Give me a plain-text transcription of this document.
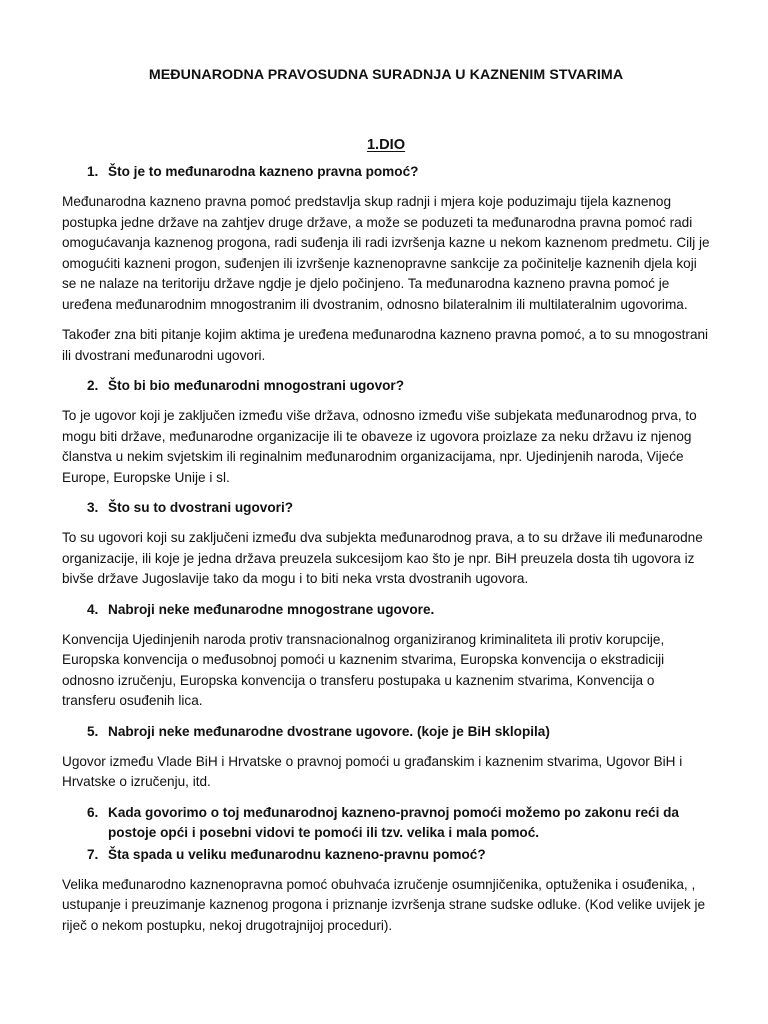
MEĐUNARODNA PRAVOSUDNA SURADNJA U KAZNENIM STVARIMA
1.DIO
1. Što je to međunarodna kazneno pravna pomoć?

Međunarodna kazneno pravna pomoć predstavlja skup radnji i mjera koje poduzimaju tijela kaznenog postupka jedne države na zahtjev druge države, a može se poduzeti ta međunarodna pravna pomoć radi omogućavanja kaznenog progona, radi suđenja ili radi izvršenja kazne u nekom kaznenom predmetu. Cilj je omogućiti kazneni progon, suđenjen ili izvršenje kaznenopravne sankcije za počinitelje kaznenih djela koji se ne nalaze na teritoriju države ngdje je djelo počinjeno. Ta međunarodna kazneno pravna pomoć je uređena međunarodnim mnogostranim ili dvostranim, odnosno bilateralnim ili multilateralnim ugovorima.

Također zna biti pitanje kojim aktima je uređena međunarodna kazneno pravna pomoć, a to su mnogostrani ili dvostrani međunarodni ugovori.

2. Što bi bio međunarodni mnogostrani ugovor?

To je ugovor koji je zaključen između više država, odnosno između više subjekata međunarodnog prva, to mogu biti države, međunarodne organizacije ili te obaveze iz ugovora proizlaze za neku državu iz njenog članstva u nekim svjetskim ili reginalnim međunarodnim organizacijama, npr. Ujedinjenih naroda, Vijeće Europe, Europske Unije i sl.

3. Što su to dvostrani ugovori?

To su ugovori koji su zaključeni između dva subjekta međunarodnog prava, a to su države ili međunarodne organizacije, ili koje je jedna država preuzela sukcesijom kao što je npr. BiH preuzela dosta tih ugovora iz bivše države Jugoslavije tako da mogu i to biti neka vrsta dvostranih ugovora.

4. Nabroji neke međunarodne mnogostrane ugovore.

Konvencija Ujedinjenih naroda protiv transnacionalnog organiziranog kriminaliteta ili protiv korupcije, Europska konvencija o međusobnoj pomoći u kaznenim stvarima, Europska konvencija o ekstradiciji odnosno izručenju, Europska konvencija o transferu postupaka u kaznenim stvarima, Konvencija o transferu osuđenih lica.

5. Nabroji neke međunarodne dvostrane ugovore. (koje je BiH sklopila)

Ugovor između Vlade BiH i Hrvatske o pravnoj pomoći u građanskim i kaznenim stvarima, Ugovor BiH i Hrvatske o izručenju, itd.

6. Kada govorimo o toj međunarodnoj kazneno-pravnoj pomoći možemo po zakonu reći da postoje opći i posebni vidovi te pomoći ili tzv. velika i mala pomoć.
7. Šta spada u veliku međunarodnu kazneno-pravnu pomoć?

Velika međunarodno kaznenopravna pomoć obuhvaća izručenje osumnjičenika, optuženika i osuđenika, , ustupanje i preuzimanje kaznenog progona i priznanje izvršenja strane sudske odluke. (Kod velike uvijek je riječ o nekom postupku, nekoj drugotrajnijoj proceduri).
